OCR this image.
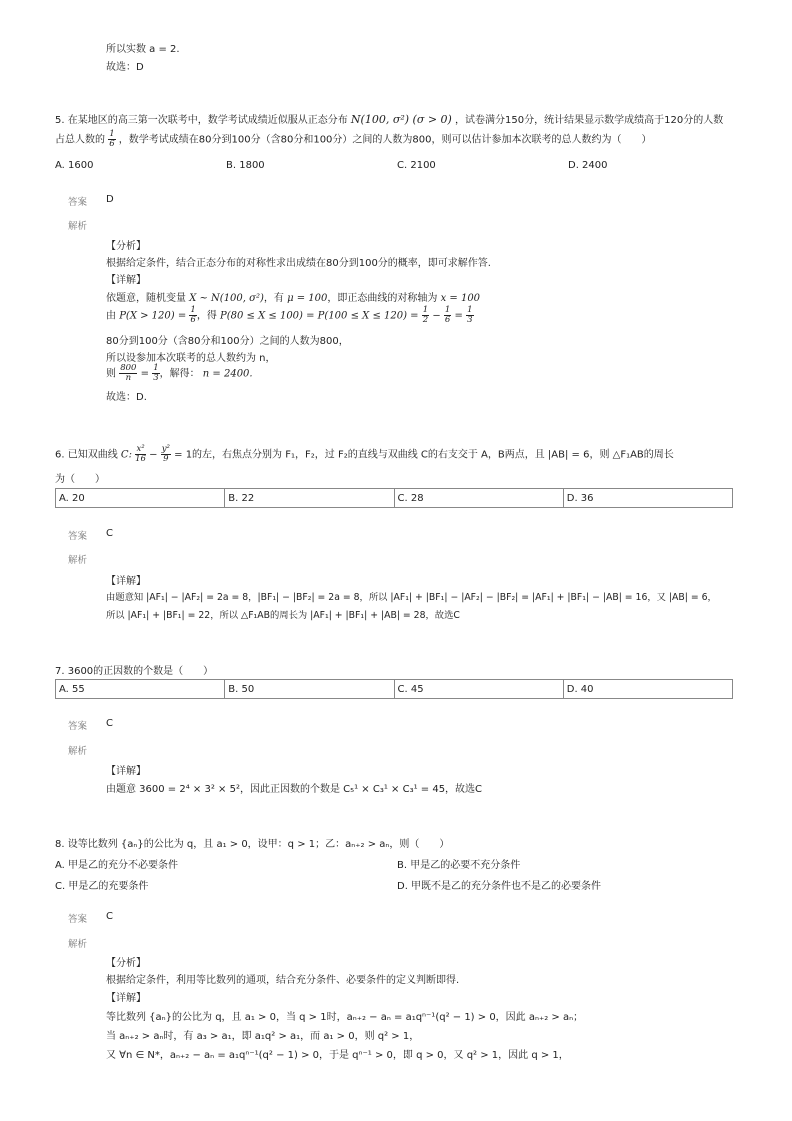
所以实数 a = 2.
故选：D
5. 在某地区的高三第一次联考中，数学考试成绩近似服从正态分布 N(100, σ²) (σ > 0) ，试卷满分150分，统计结果显示数学成绩高于120分的人数
占总人数的 $\frac{1}{6}$ ，数学考试成绩在80分到100分（含80分和100分）之间的人数为800，则可以估计参加本次联考的总人数约为（　　）
A. 1600	B. 1800	C. 2100	D. 2400
答案 D
解析
【分析】
根据给定条件，结合正态分布的对称性求出成绩在80分到100分的概率，即可求解作答.
【详解】
依题意，随机变量 X ~ N(100, σ²)，有 μ = 100，即正态曲线的对称轴为 x = 100
由 $P(X > 120) = \frac{1}{6}$ ，得 $P(80 \le X \le 100) = P(100 \le X \le 120) = \frac{1}{2} - \frac{1}{6} = \frac{1}{3}$
80分到100分（含80分和100分）之间的人数为800，
所以设参加本次联考的总人数约为 n，
则 $\frac{800}{n} = \frac{1}{3}$ ，解得： n = 2400.
故选：D.
6. 已知双曲线 C: $\frac{\text{x²}}{16} - \frac{\text{y²}}{9} = 1$的左，右焦点分别为 F₁，F₂，过 F₂的直线与双曲线 C的右支交于 A，B两点，且 |AB| = 6，则 △F₁AB的周长
为（　　）
A. 20	B. 22	C. 28	D. 36
答案 C
解析
【详解】
由题意知 |AF₁| − |AF₂| = 2a = 8，|BF₁| − |BF₂| = 2a = 8，所以 |AF₁| + |BF₁| − |AF₂| − |BF₂| = |AF₁| + |BF₁| − |AB| = 16，又 |AB| = 6，
所以 |AF₁| + |BF₁| = 22，所以 △F₁AB的周长为 |AF₁| + |BF₁| + |AB| = 28，故选C
7. 3600的正因数的个数是（　　）
A. 55	B. 50	C. 45	D. 40
答案 C
解析
【详解】
由题意 3600 = 2⁴ × 3² × 5²，因此正因数的个数是 C₅¹ × C₃¹ × C₃¹ = 45，故选C
8. 设等比数列 {aₙ}的公比为 q，且 a₁ > 0，设甲：q > 1；乙：aₙ₊₂ > aₙ，则（　　）
A. 甲是乙的充分不必要条件	B. 甲是乙的必要不充分条件
C. 甲是乙的充要条件	D. 甲既不是乙的充分条件也不是乙的必要条件
答案 C
解析
【分析】
根据给定条件，利用等比数列的通项，结合充分条件、必要条件的定义判断即得.
【详解】
等比数列 {aₙ}的公比为 q，且 a₁ > 0，当 q > 1时，aₙ₊₂ − aₙ = a₁qⁿ⁻¹(q² − 1) > 0，因此 aₙ₊₂ > aₙ；
当 aₙ₊₂ > aₙ时，有 a₃ > a₁，即 a₁q² > a₁，而 a₁ > 0，则 q² > 1，
又 ∀n ∈ N*，aₙ₊₂ − aₙ = a₁qⁿ⁻¹(q² − 1) > 0，于是 qⁿ⁻¹ > 0，即 q > 0，又 q² > 1，因此 q > 1，
